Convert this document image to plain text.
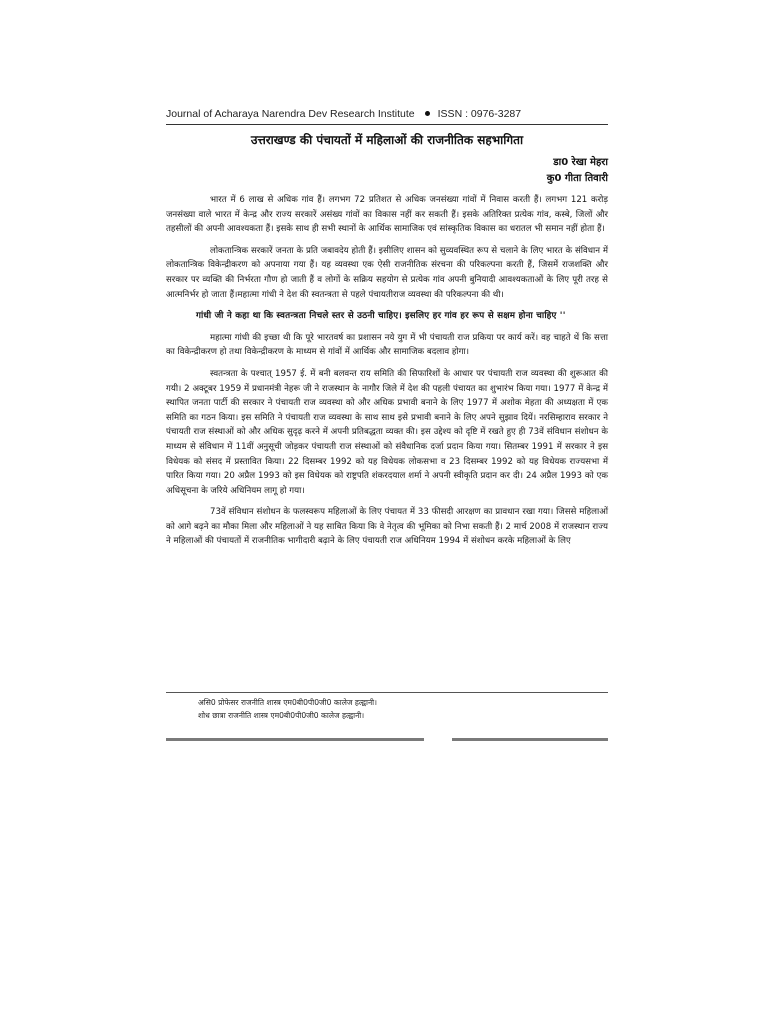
Journal of Acharaya Narendra Dev Research Institute ISSN : 0976-3287
उत्तराखण्ड की पंचायतों में महिलाओं की राजनीतिक सहभागिता
डा0 रेखा मेहरा
कु0 गीता तिवारी

भारत में 6 लाख से अधिक गांव हैं। लगभग 72 प्रतिशत से अधिक जनसंख्या गांवों में निवास करती हैं। लगभग 121 करोड़ जनसंख्या वाले भारत में केन्द्र और राज्य सरकारें असंख्य गांवों का विकास नहीं कर सकती हैं। इसके अतिरिक्त प्रत्येक गांव, कस्बे, जिलों और तहसीलों की अपनी आवश्यकता हैं। इसके साथ ही सभी स्थानों के आर्थिक सामाजिक एवं सांस्कृतिक विकास का धरातल भी समान नहीं होता हैं।

लोकतान्त्रिक सरकारें जनता के प्रति जबावदेय होती हैं। इसीलिए शासन को सुव्यवस्थित रूप से चलाने के लिए भारत के संविधान में लोकतान्त्रिक विकेन्द्रीकरण को अपनाया गया हैं। यह व्यवस्था एक ऐसी राजनीतिक संरचना की परिकल्पना करती हैं, जिसमें राजशक्ति और सरकार पर व्यक्ति की निर्भरता गौण हो जाती हैं व लोगों के सक्रिय सहयोग से प्रत्येक गांव अपनी बुनियादी आवश्यकताओं के लिए पूरी तरह से आत्मनिर्भर हो जाता हैं।महात्मा गांधी ने देश की स्वतन्त्रता से पहले पंचायतीराज व्यवस्था की परिकल्पना की थी।

गांधी जी ने कहा था कि स्वतन्त्रता निचले स्तर से उठनी चाहिए। इसलिए हर गांव हर रूप से सक्षम होना चाहिए ''

महात्मा गांधी की इच्छा थी कि पूरे भारतवर्ष का प्रशासन नये युग में भी पंचायती राज प्रकिया पर कार्य करें। वह चाहते थें कि सत्ता का विकेन्द्रीकरण हो तथा विकेन्द्रीकरण के माध्यम से गांवों में आर्थिक और सामाजिक बदलाव होगा।

स्वतन्त्रता के पश्चात् 1957 ई. में बनी बलवन्त राय समिति की सिफारिशों के आधार पर पंचायती राज व्यवस्था की शुरूआत की गयी। 2 अक्टूबर 1959 में प्रधानमंत्री नेहरू जी ने राजस्थान के नागौर जिले में देश की पहली पंचायत का शुभारंभ किया गया। 1977 में केन्द्र में स्थापित जनता पार्टी की सरकार ने पंचायती राज व्यवस्था को और अधिक प्रभावी बनाने के लिए 1977 में अशोक मेहता की अध्यक्षता में एक समिति का गठन किया। इस समिति ने पंचायती राज व्यवस्था के साथ साथ इसे प्रभावी बनाने के लिए अपने सुझाव दियें। नरसिम्हाराव सरकार ने पंचायती राज संस्थाओं को और अधिक सुदृढ़ करने में अपनी प्रतिबद्धता व्यक्त की। इस उद्देश्य को दृष्टि में रखते हुए ही 73वें संविधान संशोधन के माध्यम से संविधान में 11वीं अनुसूची जोड़कर पंचायती राज संस्थाओं को संवैधानिक दर्जा प्रदान किया गया। सितम्बर 1991 में सरकार ने इस विधेयक को संसद में प्रस्तावित किया। 22 दिसम्बर 1992 को यह विधेयक लोकसभा व 23 दिसम्बर 1992 को यह विधेयक राज्यसभा में पारित किया गया। 20 अप्रैल 1993 को इस विधेयक को राष्ट्रपति शंकरदयाल शर्मा ने अपनी स्वीकृति प्रदान कर दी। 24 अप्रैल 1993 को एक अधिसूचना के जरिये अधिनियम लागू हो गया।

73वें संविधान संशोधन के फलस्वरूप महिलाओं के लिए पंचायत में 33 फीसदी आरक्षण का प्रावधान रखा गया। जिससे महिलाओं को आगे बढ़ने का मौका मिला और महिलाओं ने यह साबित किया कि वे नेतृत्व की भूमिका को निभा सकती हैं। 2 मार्च 2008 में राजस्थान राज्य ने महिलाओं की पंचायतों में राजनीतिक भागीदारी बढ़ाने के लिए पंचायती राज अधिनियम 1994 में संशोधन करके महिलाओं के लिए

असि0 प्रोफेसर राजनीति शास्त्र एम0बी0पी0जी0 कालेज हल्द्वानी।
शोध छात्रा राजनीति शास्त्र एम0बी0पी0जी0 कालेज हल्द्वानी।
